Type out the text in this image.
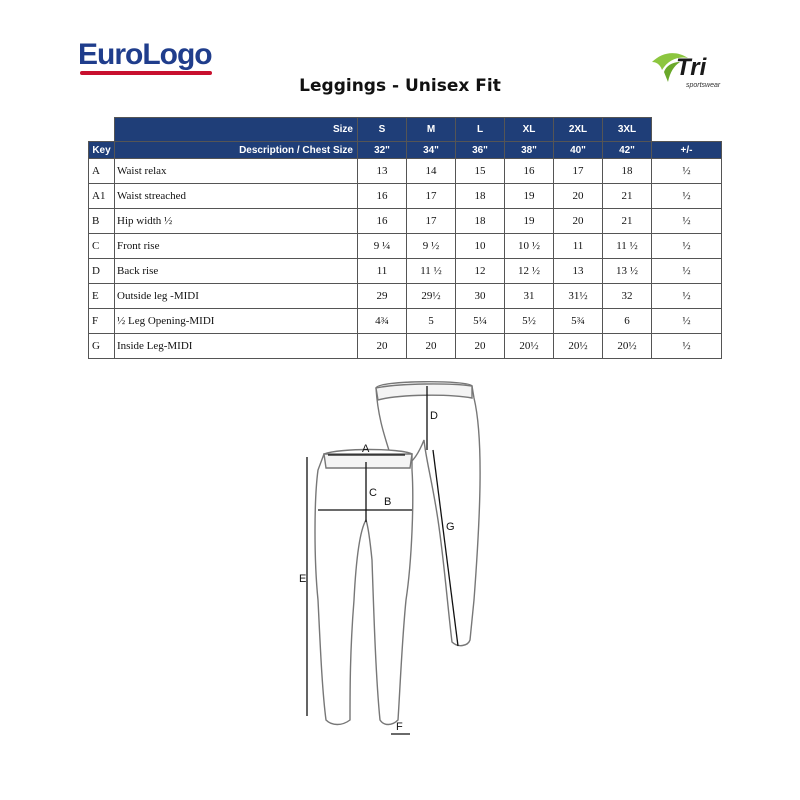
EuroLogo	Tri
sportswear
Leggings - Unisex Fit
	Size	S	M	L	XL	2XL	3XL	
Key	Description / Chest Size	32"	34"	36"	38"	40"	42"	+/-
A	Waist relax	13	14	15	16	17	18	½
A1	Waist streached	16	17	18	19	20	21	½
B	Hip width ½	16	17	18	19	20	21	½
C	Front rise	9 ¼	9 ½	10	10 ½	11	11 ½	½
D	Back rise	11	11 ½	12	12 ½	13	13 ½	½
E	Outside leg -MIDI	29	29½	30	31	31½	32	½
F	½ Leg Opening-MIDI	4¾	5	5¼	5½	5¾	6	½
G	Inside Leg-MIDI	20	20	20	20½	20½	20½	½
A
B
C
D
E
F
G
